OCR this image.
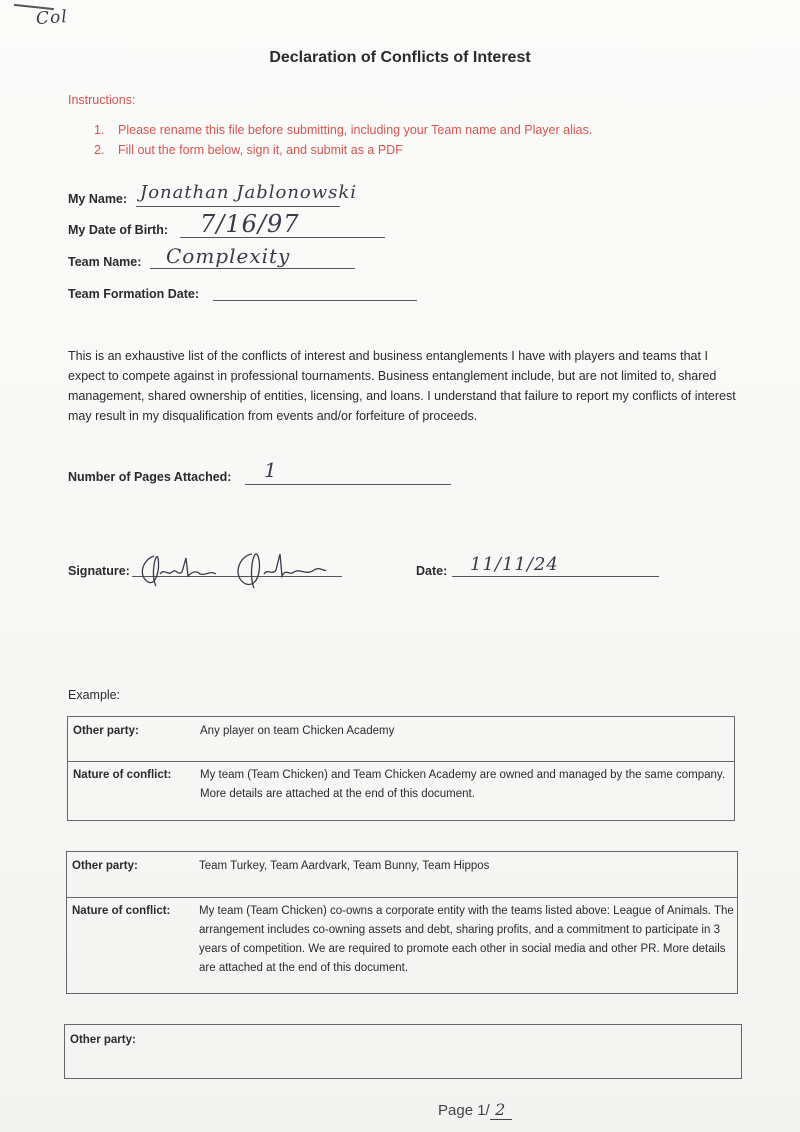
Col
Declaration of Conflicts of Interest
Instructions:
1. Please rename this file before submitting, including your Team name and Player alias.
2. Fill out the form below, sign it, and submit as a PDF
My Name: Jonathan Jablonowski
My Date of Birth: 7/16/97
Team Name: Complexity
Team Formation Date:
This is an exhaustive list of the conflicts of interest and business entanglements I have with players and teams that I expect to compete against in professional tournaments. Business entanglement include, but are not limited to, shared management, shared ownership of entities, licensing, and loans. I understand that failure to report my conflicts of interest may result in my disqualification from events and/or forfeiture of proceeds.
Number of Pages Attached: 1
Signature:	Date: 11/11/24
Example:
Other party:	Any player on team Chicken Academy
Nature of conflict: My team (Team Chicken) and Team Chicken Academy are owned and managed by the same company. More details are attached at the end of this document.
Other party:	Team Turkey, Team Aardvark, Team Bunny, Team Hippos
Nature of conflict: My team (Team Chicken) co-owns a corporate entity with the teams listed above: League of Animals. The arrangement includes co-owning assets and debt, sharing profits, and a commitment to participate in 3 years of competition. We are required to promote each other in social media and other PR. More details are attached at the end of this document.
Other party:
Page 1/ 2
